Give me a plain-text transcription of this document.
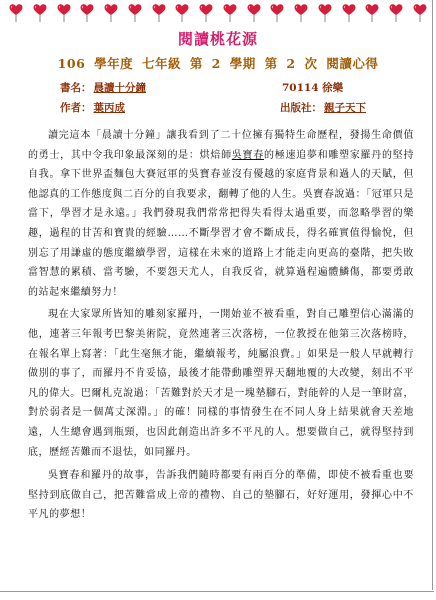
閱讀桃花源
106 學年度 七年級 第 2 學期 第 2 次 閱讀心得
書名： 晨讀十分鐘	70114 徐樂
作者： 葉丙成	出版社： 親子天下

讀完這本「晨讀十分鐘」讓我看到了二十位擁有獨特生命歷程，發揚生命價值的勇士，其中令我印象最深刻的是：烘焙師吳寶春的極速追夢和雕塑家羅丹的堅持自我。拿下世界盃麵包大賽冠軍的吳寶春並沒有優越的家庭背景和過人的天賦，但他認真的工作態度與二百分的自我要求，翻轉了他的人生。吳寶春說過：「冠軍只是當下，學習才是永遠。」我們發現我們常常把得失看得太過重要，而忽略學習的樂趣，過程的甘苦和寶貴的經驗……不斷學習才會不斷成長，得名確實值得愉悅，但別忘了用謙虛的態度繼續學習，這樣在未來的道路上才能走向更高的臺階，把失敗當智慧的累積、當考驗，不要怨天尤人，自我反省，就算過程遍體鱗傷，都要勇敢的站起來繼續努力！

現在大家眾所皆知的雕刻家羅丹，一開始並不被看重，對自己雕塑信心滿滿的他，連著三年報考巴黎美術院，竟然連著三次落榜，一位教授在他第三次落榜時，在報名單上寫著：「此生毫無才能，繼續報考，純屬浪費。」如果是一般人早就轉行做別的事了，而羅丹不肯妥協，最後才能帶動雕塑界天翻地覆的大改變，刻出不平凡的偉大。巴爾札克說過：「苦難對於天才是一塊墊腳石，對能幹的人是一筆財富，對於弱者是一個萬丈深淵。」的確！同樣的事情發生在不同人身上結果就會天差地遠，人生總會遇到瓶頸，也因此創造出許多不平凡的人。想要做自己，就得堅持到底，歷經苦難而不退怯，如同羅丹。

吳寶春和羅丹的故事，告訴我們隨時都要有兩百分的準備，即使不被看重也要堅持到底做自己，把苦難當成上帝的禮物、自己的墊腳石，好好運用，發揮心中不平凡的夢想！
